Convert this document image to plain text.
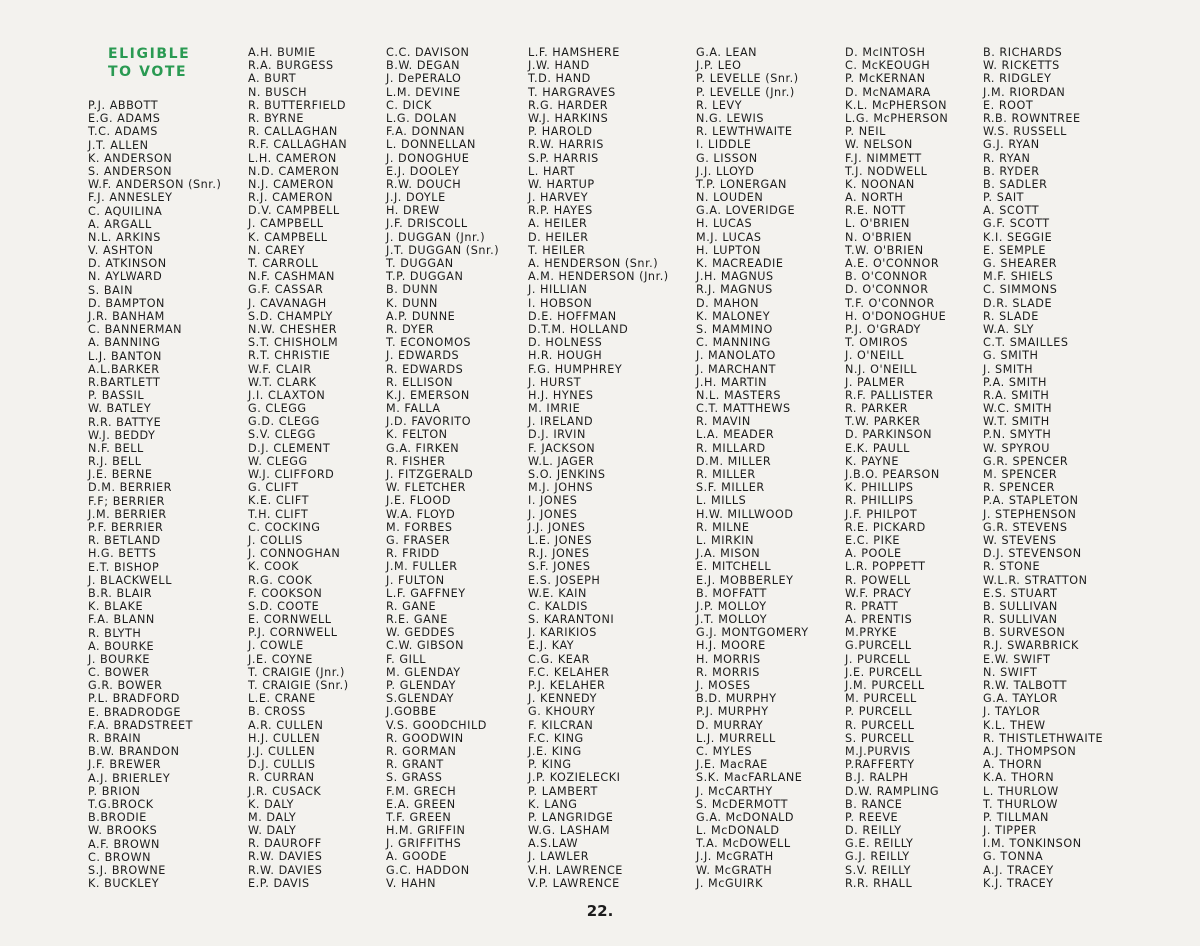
ELIGIBLE
TO VOTE
P.J. ABBOTT
E.G. ADAMS
T.C. ADAMS
J.T. ALLEN
K. ANDERSON
S. ANDERSON
W.F. ANDERSON (Snr.)
F.J. ANNESLEY
C. AQUILINA
A. ARGALL
N.L. ARKINS
V. ASHTON
D. ATKINSON
N. AYLWARD
S. BAIN
D. BAMPTON
J.R. BANHAM
C. BANNERMAN
A. BANNING
L.J. BANTON
A.L.BARKER
R.BARTLETT
P. BASSIL
W. BATLEY
R.R. BATTYE
W.J. BEDDY
N.F. BELL
R.J. BELL
J.E. BERNE
D.M. BERRIER
F.F; BERRIER
J.M. BERRIER
P.F. BERRIER
R. BETLAND
H.G. BETTS
E.T. BISHOP
J. BLACKWELL
B.R. BLAIR
K. BLAKE
F.A. BLANN
R. BLYTH
A. BOURKE
J. BOURKE
C. BOWER
G.R. BOWER
P.L. BRADFORD
E. BRADRODGE
F.A. BRADSTREET
R. BRAIN
B.W. BRANDON
J.F. BREWER
A.J. BRIERLEY
P. BRION
T.G.BROCK
B.BRODIE
W. BROOKS
A.F. BROWN
C. BROWN
S.J. BROWNE
K. BUCKLEY
A.H. BUMIE
R.A. BURGESS
A. BURT
N. BUSCH
R. BUTTERFIELD
R. BYRNE
R. CALLAGHAN
R.F. CALLAGHAN
L.H. CAMERON
N.D. CAMERON
N.J. CAMERON
R.J. CAMERON
D.V. CAMPBELL
J. CAMPBELL
K. CAMPBELL
N. CAREY
T. CARROLL
N.F. CASHMAN
G.F. CASSAR
J. CAVANAGH
S.D. CHAMPLY
N.W. CHESHER
S.T. CHISHOLM
R.T. CHRISTIE
W.F. CLAIR
W.T. CLARK
J.I. CLAXTON
G. CLEGG
G.D. CLEGG
S.V. CLEGG
D.J. CLEMENT
W. CLEGG
W.J. CLIFFORD
G. CLIFT
K.E. CLIFT
T.H. CLIFT
C. COCKING
J. COLLIS
J. CONNOGHAN
K. COOK
R.G. COOK
F. COOKSON
S.D. COOTE
E. CORNWELL
P.J. CORNWELL
J. COWLE
J.E. COYNE
T. CRAIGIE (Jnr.)
T. CRAIGIE (Snr.)
L.E. CRANE
B. CROSS
A.R. CULLEN
H.J. CULLEN
J.J. CULLEN
D.J. CULLIS
R. CURRAN
J.R. CUSACK
K. DALY
M. DALY
W. DALY
R. DAUROFF
R.W. DAVIES
R.W. DAVIES
E.P. DAVIS
C.C. DAVISON
B.W. DEGAN
J. DePERALO
L.M. DEVINE
C. DICK
L.G. DOLAN
F.A. DONNAN
L. DONNELLAN
J. DONOGHUE
E.J. DOOLEY
R.W. DOUCH
J.J. DOYLE
H. DREW
J.F. DRISCOLL
J. DUGGAN (Jnr.)
J.T. DUGGAN (Snr.)
T. DUGGAN
T.P. DUGGAN
B. DUNN
K. DUNN
A.P. DUNNE
R. DYER
T. ECONOMOS
J. EDWARDS
R. EDWARDS
R. ELLISON
K.J. EMERSON
M. FALLA
J.D. FAVORITO
K. FELTON
G.A. FIRKEN
R. FISHER
J. FITZGERALD
W. FLETCHER
J.E. FLOOD
W.A. FLOYD
M. FORBES
G. FRASER
R. FRIDD
J.M. FULLER
J. FULTON
L.F. GAFFNEY
R. GANE
R.E. GANE
W. GEDDES
C.W. GIBSON
F. GILL
M. GLENDAY
P. GLENDAY
S.GLENDAY
J.GOBBE
V.S. GOODCHILD
R. GOODWIN
R. GORMAN
R. GRANT
S. GRASS
F.M. GRECH
E.A. GREEN
T.F. GREEN
H.M. GRIFFIN
J. GRIFFITHS
A. GOODE
G.C. HADDON
V. HAHN
L.F. HAMSHERE
J.W. HAND
T.D. HAND
T. HARGRAVES
R.G. HARDER
W.J. HARKINS
P. HAROLD
R.W. HARRIS
S.P. HARRIS
L. HART
W. HARTUP
J. HARVEY
R.P. HAYES
A. HEILER
D. HEILER
T. HEILER
A. HENDERSON (Snr.)
A.M. HENDERSON (Jnr.)
J. HILLIAN
I. HOBSON
D.E. HOFFMAN
D.T.M. HOLLAND
D. HOLNESS
H.R. HOUGH
F.G. HUMPHREY
J. HURST
H.J. HYNES
M. IMRIE
J. IRELAND
D.J. IRVIN
F. JACKSON
W.L. JAGER
S.O. JENKINS
M.J. JOHNS
I. JONES
J. JONES
J.J. JONES
L.E. JONES
R.J. JONES
S.F. JONES
E.S. JOSEPH
W.E. KAIN
C. KALDIS
S. KARANTONI
J. KARIKIOS
E.J. KAY
C.G. KEAR
F.C. KELAHER
P.J. KELAHER
J. KENNEDY
G. KHOURY
F. KILCRAN
F.C. KING
J.E. KING
P. KING
J.P. KOZIELECKI
P. LAMBERT
K. LANG
P. LANGRIDGE
W.G. LASHAM
A.S.LAW
J. LAWLER
V.H. LAWRENCE
V.P. LAWRENCE
G.A. LEAN
J.P. LEO
P. LEVELLE (Snr.)
P. LEVELLE (Jnr.)
R. LEVY
N.G. LEWIS
R. LEWTHWAITE
I. LIDDLE
G. LISSON
J.J. LLOYD
T.P. LONERGAN
N. LOUDEN
G.A. LOVERIDGE
H. LUCAS
M.J. LUCAS
H. LUPTON
K. MACREADIE
J.H. MAGNUS
R.J. MAGNUS
D. MAHON
K. MALONEY
S. MAMMINO
C. MANNING
J. MANOLATO
J. MARCHANT
J.H. MARTIN
N.L. MASTERS
C.T. MATTHEWS
R. MAVIN
L.A. MEADER
R. MILLARD
D.M. MILLER
R. MILLER
S.F. MILLER
L. MILLS
H.W. MILLWOOD
R. MILNE
L. MIRKIN
J.A. MISON
E. MITCHELL
E.J. MOBBERLEY
B. MOFFATT
J.P. MOLLOY
J.T. MOLLOY
G.J. MONTGOMERY
H.J. MOORE
H. MORRIS
R. MORRIS
J. MOSES
B.D. MURPHY
P.J. MURPHY
D. MURRAY
L.J. MURRELL
C. MYLES
J.E. MacRAE
S.K. MacFARLANE
J. McCARTHY
S. McDERMOTT
G.A. McDONALD
L. McDONALD
T.A. McDOWELL
J.J. McGRATH
W. McGRATH
J. McGUIRK
D. McINTOSH
C. McKEOUGH
P. McKERNAN
D. McNAMARA
K.L. McPHERSON
L.G. McPHERSON
P. NEIL
W. NELSON
F.J. NIMMETT
T.J. NODWELL
K. NOONAN
A. NORTH
R.E. NOTT
L. O'BRIEN
N. O'BRIEN
T.W. O'BRIEN
A.E. O'CONNOR
B. O'CONNOR
D. O'CONNOR
T.F. O'CONNOR
H. O'DONOGHUE
P.J. O'GRADY
T. OMIROS
J. O'NEILL
N.J. O'NEILL
J. PALMER
R.F. PALLISTER
R. PARKER
T.W. PARKER
D. PARKINSON
E.K. PAULL
K. PAYNE
J.B.O. PEARSON
K. PHILLIPS
R. PHILLIPS
J.F. PHILPOT
R.E. PICKARD
E.C. PIKE
A. POOLE
L.R. POPPETT
R. POWELL
W.F. PRACY
R. PRATT
A. PRENTIS
M.PRYKE
G.PURCELL
J. PURCELL
J.E. PURCELL
J.M. PURCELL
M. PURCELL
P. PURCELL
R. PURCELL
S. PURCELL
M.J.PURVIS
P.RAFFERTY
B.J. RALPH
D.W. RAMPLING
B. RANCE
P. REEVE
D. REILLY
G.E. REILLY
G.J. REILLY
S.V. REILLY
R.R. RHALL
B. RICHARDS
W. RICKETTS
R. RIDGLEY
J.M. RIORDAN
E. ROOT
R.B. ROWNTREE
W.S. RUSSELL
G.J. RYAN
R. RYAN
B. RYDER
B. SADLER
P. SAIT
A. SCOTT
G.F. SCOTT
K.I. SEGGIE
E. SEMPLE
G. SHEARER
M.F. SHIELS
C. SIMMONS
D.R. SLADE
R. SLADE
W.A. SLY
C.T. SMAILLES
G. SMITH
J. SMITH
P.A. SMITH
R.A. SMITH
W.C. SMITH
W.T. SMITH
P.N. SMYTH
W. SPYROU
G.R. SPENCER
M. SPENCER
R. SPENCER
P.A. STAPLETON
J. STEPHENSON
G.R. STEVENS
W. STEVENS
D.J. STEVENSON
R. STONE
W.L.R. STRATTON
E.S. STUART
B. SULLIVAN
R. SULLIVAN
B. SURVESON
R.J. SWARBRICK
E.W. SWIFT
N. SWIFT
R.W. TALBOTT
G.A. TAYLOR
J. TAYLOR
K.L. THEW
R. THISTLETHWAITE
A.J. THOMPSON
A. THORN
K.A. THORN
L. THURLOW
T. THURLOW
P. TILLMAN
J. TIPPER
I.M. TONKINSON
G. TONNA
A.J. TRACEY
K.J. TRACEY
22.
